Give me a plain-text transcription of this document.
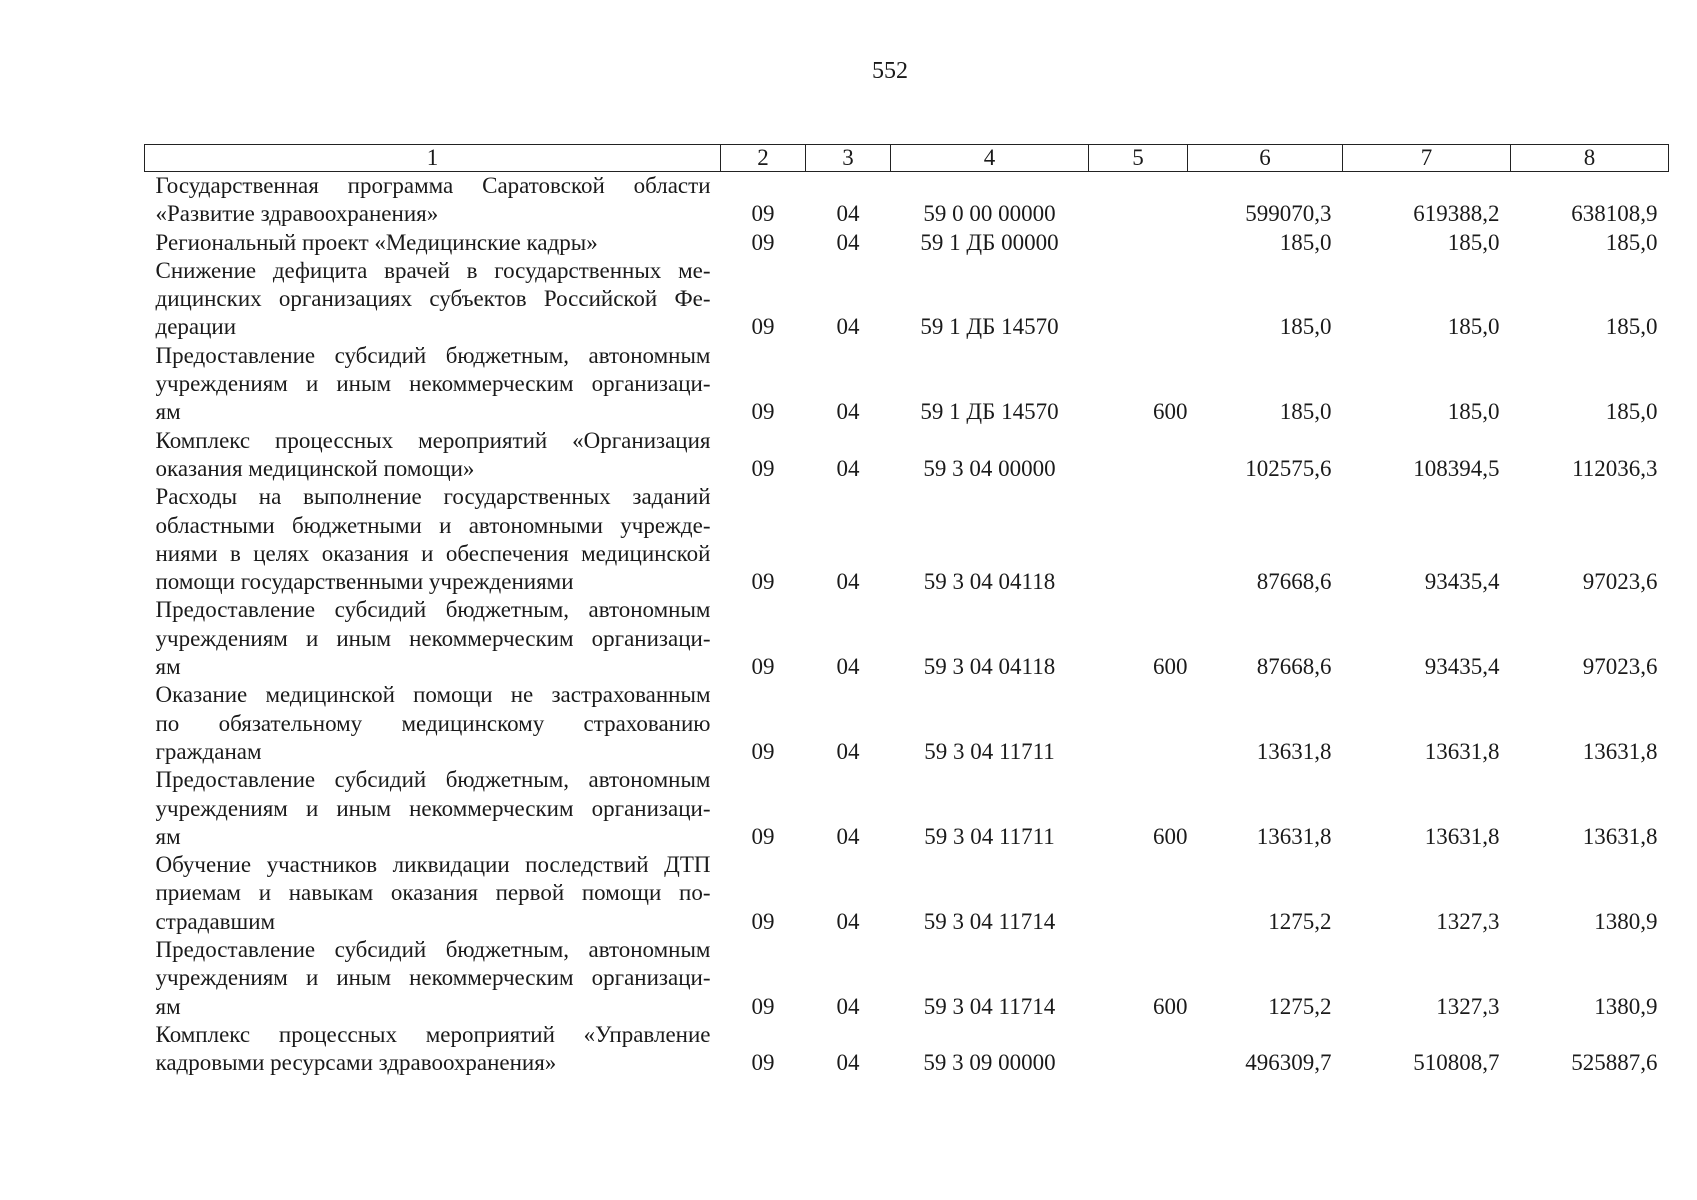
552
1	2	3	4	5	6	7	8

Государственная программа Саратовской области
«Развитие здравоохранения»	09	04	59 0 00 00000		599070,3	619388,2	638108,9

Региональный проект «Медицинские кадры»	09	04	59 1 ДБ 00000		185,0	185,0	185,0

Снижение дефицита врачей в государственных ме-
дицинских организациях субъектов Российской Фе-
дерации	09	04	59 1 ДБ 14570		185,0	185,0	185,0

Предоставление субсидий бюджетным, автономным
учреждениям и иным некоммерческим организаци-
ям	09	04	59 1 ДБ 14570	600	185,0	185,0	185,0

Комплекс процессных мероприятий «Организация
оказания медицинской помощи»	09	04	59 3 04 00000		102575,6	108394,5	112036,3

Расходы на выполнение государственных заданий
областными бюджетными и автономными учрежде-
ниями в целях оказания и обеспечения медицинской
помощи государственными учреждениями	09	04	59 3 04 04118		87668,6	93435,4	97023,6

Предоставление субсидий бюджетным, автономным
учреждениям и иным некоммерческим организаци-
ям	09	04	59 3 04 04118	600	87668,6	93435,4	97023,6

Оказание медицинской помощи не застрахованным
по обязательному медицинскому страхованию
гражданам	09	04	59 3 04 11711		13631,8	13631,8	13631,8

Предоставление субсидий бюджетным, автономным
учреждениям и иным некоммерческим организаци-
ям	09	04	59 3 04 11711	600	13631,8	13631,8	13631,8

Обучение участников ликвидации последствий ДТП
приемам и навыкам оказания первой помощи по-
страдавшим	09	04	59 3 04 11714		1275,2	1327,3	1380,9

Предоставление субсидий бюджетным, автономным
учреждениям и иным некоммерческим организаци-
ям	09	04	59 3 04 11714	600	1275,2	1327,3	1380,9

Комплекс процессных мероприятий «Управление
кадровыми ресурсами здравоохранения»	09	04	59 3 09 00000		496309,7	510808,7	525887,6
